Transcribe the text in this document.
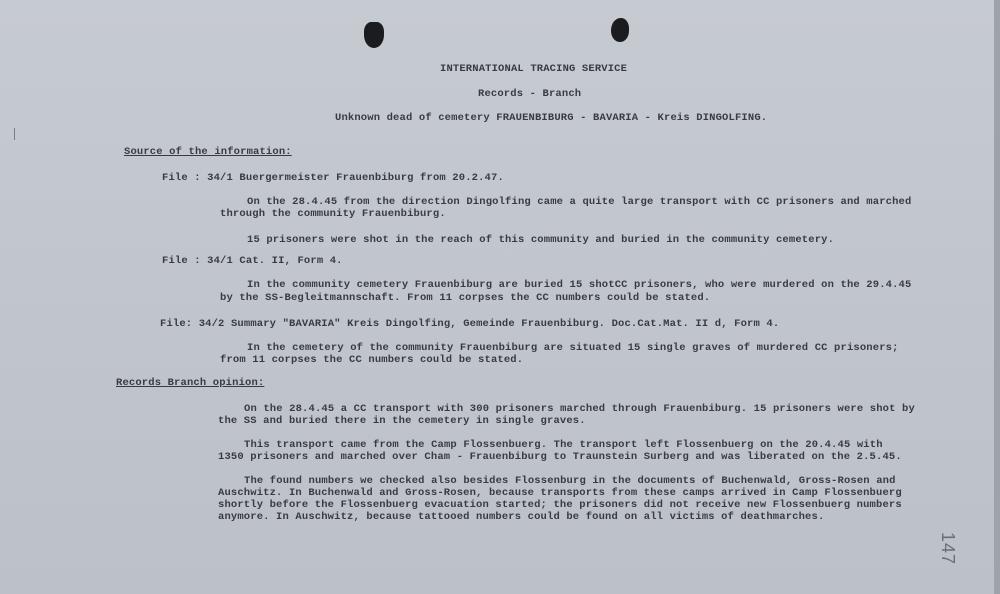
INTERNATIONAL TRACING SERVICE
Records - Branch
Unknown dead of cemetery FRAUENBIBURG - BAVARIA - Kreis DINGOLFING.
Source of the information:
File : 34/1 Buergermeister Frauenbiburg from 20.2.47.
On the 28.4.45 from the direction Dingolfing came a quite large transport with CC prisoners and marched
through the community Frauenbiburg.
15 prisoners were shot in the reach of this community and buried in the community cemetery.
File : 34/1 Cat. II, Form 4.
In the community cemetery Frauenbiburg are buried 15 shotCC prisoners, who were murdered on the 29.4.45
by the SS-Begleitmannschaft. From 11 corpses the CC numbers could be stated.
File: 34/2 Summary "BAVARIA" Kreis Dingolfing, Gemeinde Frauenbiburg. Doc.Cat.Mat. II d, Form 4.
In the cemetery of the community Frauenbiburg are situated 15 single graves of murdered CC prisoners;
from 11 corpses the CC numbers could be stated.
Records Branch opinion:
On the 28.4.45 a CC transport with 300 prisoners marched through Frauenbiburg. 15 prisoners were shot by
the SS and buried there in the cemetery in single graves.
This transport came from the Camp Flossenbuerg. The transport left Flossenbuerg on the 20.4.45 with
1350 prisoners and marched over Cham - Frauenbiburg to Traunstein Surberg and was liberated on the 2.5.45.
The found numbers we checked also besides Flossenburg in the documents of Buchenwald, Gross-Rosen and
Auschwitz. In Buchenwald and Gross-Rosen, because transports from these camps arrived in Camp Flossenbuerg
shortly before the Flossenbuerg evacuation started; the prisoners did not receive new Flossenbuerg numbers
anymore. In Auschwitz, because tattooed numbers could be found on all victims of deathmarches.
147
